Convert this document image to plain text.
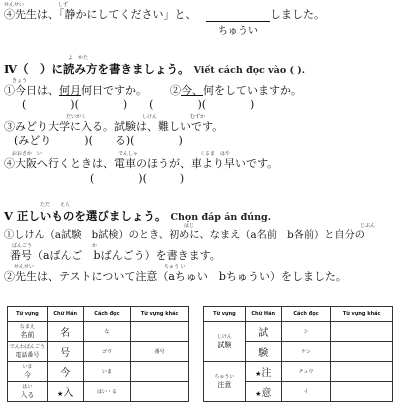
せんせい	しず
④先生は、「静かにしてください」と、	しました。
ちゅうい
よ　かた
Ⅳ（　）に読み方を書きましょう。 Viết cách đọc vào ( ).
きょう
①今日は、何月何日ですか。 ②今、何をしていますか。
(　　　　)(　　　　)　　(　　　　)(　　　　)
だいがく	しけん	むずか
③みどり大学に入る。試験は、難しいです。
(みどり　　　)(　　る)(　　　　)
おおさか　い	でんしゃ	くるま　はや
④大阪へ行くときは、電車のほうが、車より早いです。
(　　　　)(　　　)
ただ　　えら
Ⅴ 正しいものを選びましょう。 Chọn đáp án đúng.
はじ	じぶん
①しけん（a試験　b試検）のとき、初めに、なまえ（a名前　b各前）と自分の
ばんごう　　　　　　　　　　　　か
番号（aばんご　bばんごう）を書きます。
せんせい	ちゅう い
②先生は、テストについて注意（aちゅい　bちゅうい）をしました。
Từ vựng	Chữ Hán	Cách đọc	Từ vựng khác

なまえ
名前	名	な	

でんわばんごう
電話番号	号	ゴウ	番号

いま
今	今	いま	

はい
入る	★入	はい・る	
Từ vựng	Chữ Hán	Cách đọc	Từ vựng khác

しけん
試験	試	シ	
	験	ケン	

ちゅうい
注意	★注	チュウ	
	★意	イ	
